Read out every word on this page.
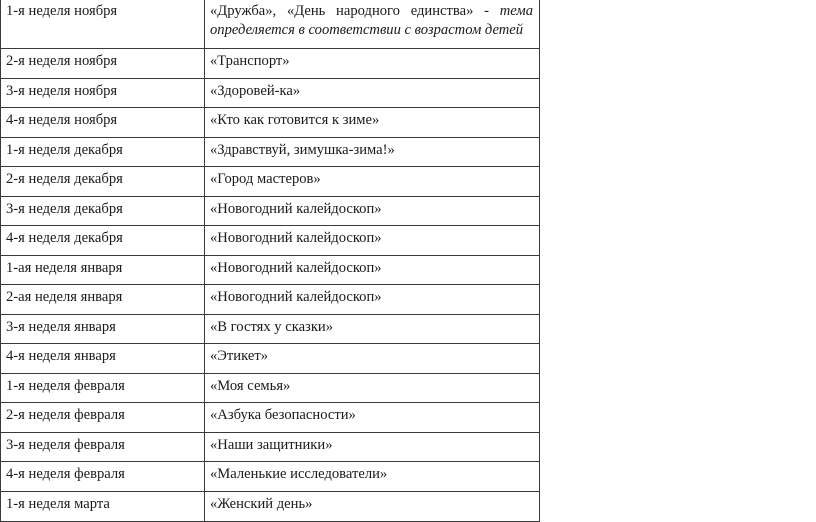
1-я неделя ноября	«Дружба», «День народного единства» - тема определяется в соответствии с возрастом детей
2-я неделя ноября	«Транспорт»
3-я неделя ноября	«Здоровей-ка»
4-я неделя ноября	«Кто как готовится к зиме»
1-я неделя декабря	«Здравствуй, зимушка-зима!»
2-я неделя декабря	«Город мастеров»
3-я неделя декабря	«Новогодний калейдоскоп»
4-я неделя декабря	«Новогодний калейдоскоп»
1-ая неделя января	«Новогодний калейдоскоп»
2-ая неделя января	«Новогодний калейдоскоп»
3-я неделя января	«В гостях у сказки»
4-я неделя января	«Этикет»
1-я неделя февраля	«Моя семья»
2-я неделя февраля	«Азбука безопасности»
3-я неделя февраля	«Наши защитники»
4-я неделя февраля	«Маленькие исследователи»
1-я неделя марта	«Женский день»
